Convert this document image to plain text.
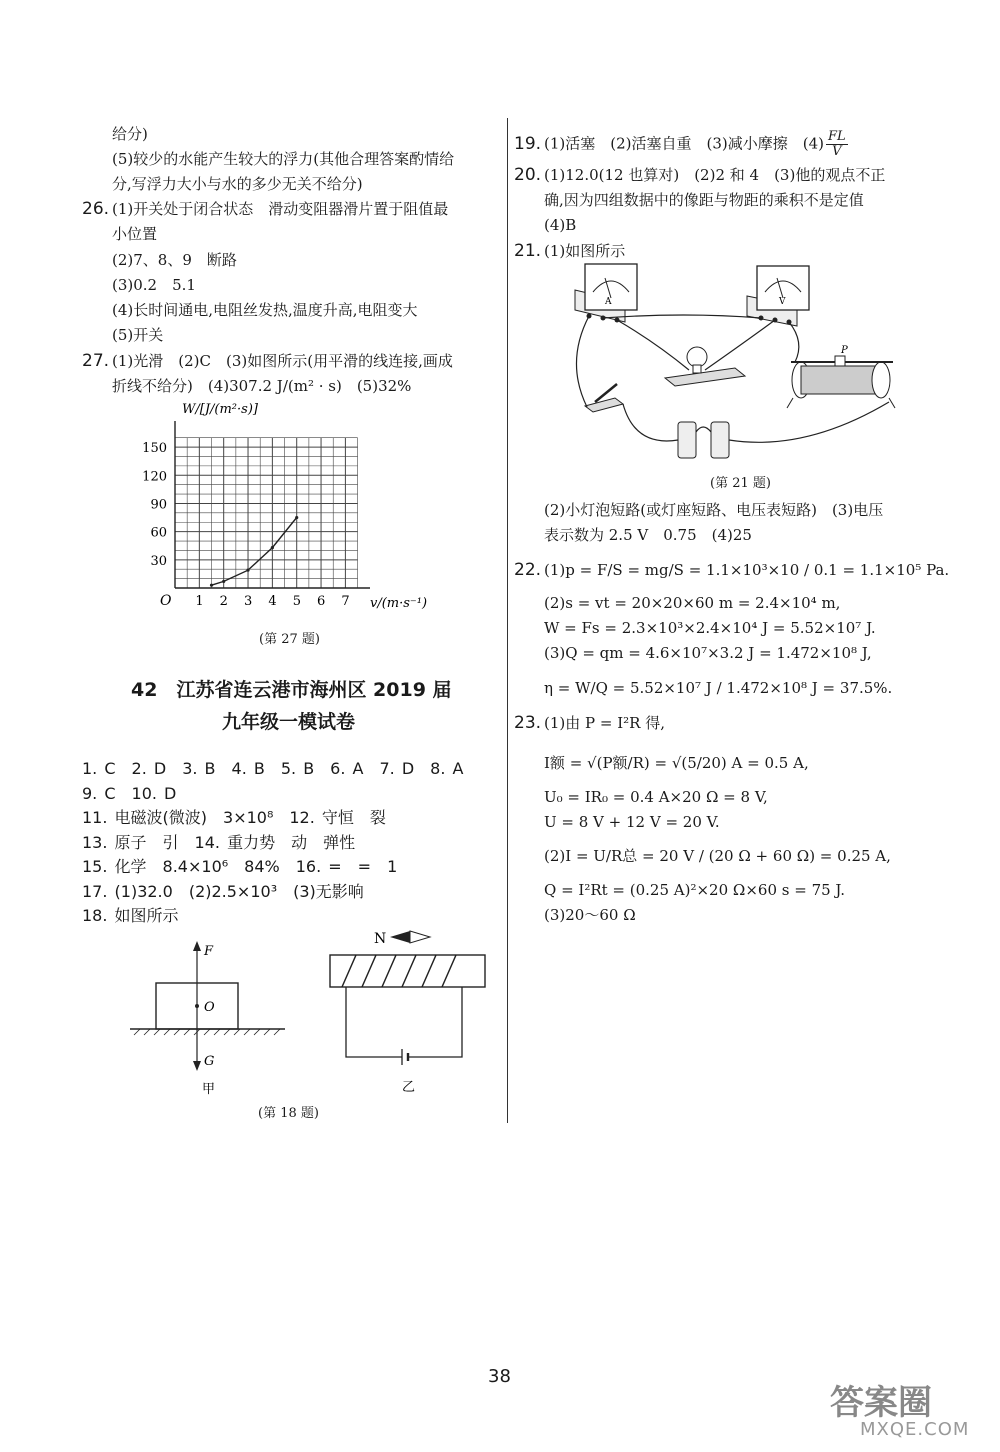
给分)
(5)较少的水能产生较大的浮力(其他合理答案酌情给
分,写浮力大小与水的多少无关不给分)
26. (1)开关处于闭合状态　滑动变阻器滑片置于阻值最
小位置
(2)7、8、9　断路
(3)0.2　5.1
(4)长时间通电,电阻丝发热,温度升高,电阻变大
(5)开关
27. (1)光滑　(2)C　(3)如图所示(用平滑的线连接,画成
折线不给分)　(4)307.2 J/(m² · s)　(5)32%
1 2 3 4 5 6 7
30
60
90
120
150
W/[J/(m²·s)]
v/(m·s⁻¹)
O
(第 27 题)
42　江苏省连云港市海州区 2019 届
九年级一模试卷
1. C　2. D　3. B　4. B　5. B　6. A　7. D　8. A
9. C　10. D
11. 电磁波(微波)　3×10⁸　12. 守恒　裂
13. 原子　引　14. 重力势　动　弹性
15. 化学　8.4×10⁶　84%　16. =　=　1
17. (1)32.0　(2)2.5×10³　(3)无影响
18. 如图所示
F
O
G
甲
N
乙
(第 18 题)
19. (1)活塞　(2)活塞自重　(3)减小摩擦　$(4) \frac{FL}{V}$
20. (1)12.0(12 也算对)　(2)2 和 4　(3)他的观点不正
确,因为四组数据中的像距与物距的乘积不是定值
(4)B
21. (1)如图所示
A	V
P
(第 21 题)
(2)小灯泡短路(或灯座短路、电压表短路)　(3)电压
表示数为 2.5 V　0.75　(4)25
22. (1)p = F/S = mg/S = 1.1×10³×10 / 0.1 = 1.1×10⁵ Pa.
(2)s = vt = 20×20×60 m = 2.4×10⁴ m,
W = Fs = 2.3×10³×2.4×10⁴ J = 5.52×10⁷ J.
(3)Q = qm = 4.6×10⁷×3.2 J = 1.472×10⁸ J,
η = W/Q = 5.52×10⁷ J / 1.472×10⁸ J = 37.5%.
23. (1)由 P = I²R 得,
I额 = √(P额/R) = √(5/20) A = 0.5 A,
U₀ = IR₀ = 0.4 A×20 Ω = 8 V,
U = 8 V + 12 V = 20 V.
(2)I = U/R总 = 20 V / (20 Ω + 60 Ω) = 0.25 A,
Q = I²Rt = (0.25 A)²×20 Ω×60 s = 75 J.
(3)20～60 Ω
38
答案圈
MXQE.COM
